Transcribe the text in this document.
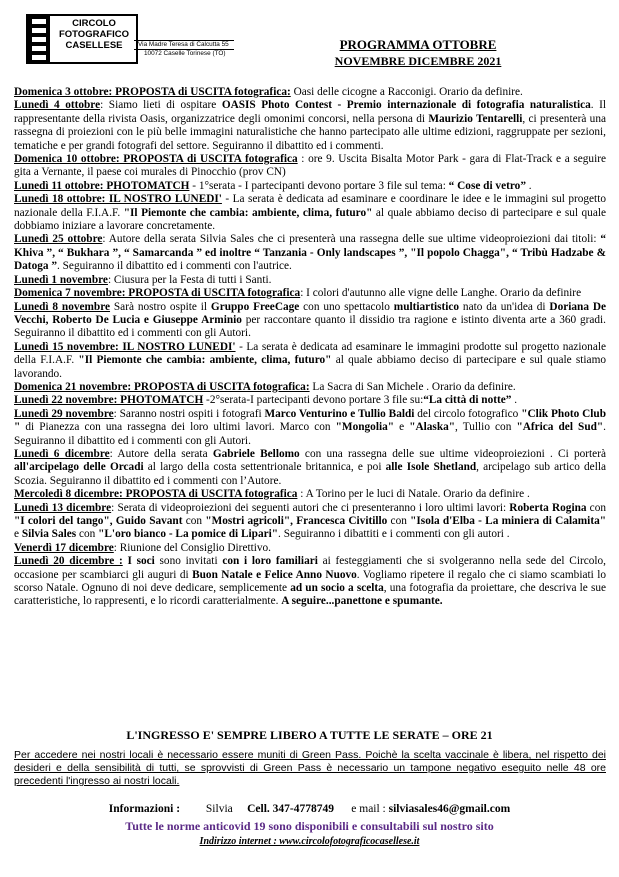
CIRCOLO
FOTOGRAFICO
CASELLESE	Via Madre Teresa di Calcutta 55
10072 Caselle Torinese (TO)
PROGRAMMA OTTOBRE
NOVEMBRE DICEMBRE 2021

Domenica 3 ottobre: PROPOSTA di USCITA fotografica: Oasi delle cicogne a Racconigi. Orario da definire.

Lunedì 4 ottobre: Siamo lieti di ospitare OASIS Photo Contest - Premio internazionale di fotografia naturalistica. Il rappresentante della rivista Oasis, organizzatrice degli omonimi concorsi, nella persona di Maurizio Tentarelli, ci presenterà una rassegna di proiezioni con le più belle immagini naturalistiche che hanno partecipato alle ultime edizioni, raggruppate per sezioni, tematiche e per grandi fotografi del settore. Seguiranno il dibattito ed i commenti.

Domenica 10 ottobre: PROPOSTA di USCITA fotografica : ore 9. Uscita Bisalta Motor Park - gara di Flat-Track e a seguire gita a Vernante, il paese coi murales di Pinocchio (prov CN)

Lunedì 11 ottobre: PHOTOMATCH - 1°serata - I partecipanti devono portare 3 file sul tema: “ Cose di vetro” .

Lunedì 18 ottobre: IL NOSTRO LUNEDI' - La serata è dedicata ad esaminare e coordinare le idee e le immagini sul progetto nazionale della F.I.A.F. "Il Piemonte che cambia: ambiente, clima, futuro" al quale abbiamo deciso di partecipare e sul quale dobbiamo iniziare a lavorare concretamente.

Lunedì 25 ottobre: Autore della serata Silvia Sales che ci presenterà una rassegna delle sue ultime videoproiezioni dai titoli: “ Khiva ”, “ Bukhara ”, “ Samarcanda ” ed inoltre “ Tanzania - Only landscapes ”, "Il popolo Chagga", “ Tribù Hadzabe & Datoga ”. Seguiranno il dibattito ed i commenti con l'autrice.

Lunedì 1 novembre: Ciusura per la Festa di tutti i Santi.

Domenica 7 novembre: PROPOSTA di USCITA fotografica: I colori d'autunno alle vigne delle Langhe. Orario da definire

Lunedì 8 novembre Sarà nostro ospite il Gruppo FreeCage con uno spettacolo multiartistico nato da un'idea di Doriana De Vecchi, Roberto De Lucia e Giuseppe Arminio per raccontare quanto il dissidio tra ragione e istinto diventa arte a 360 gradi. Seguiranno il dibattito ed i commenti con gli Autori.

Lunedì 15 novembre: IL NOSTRO LUNEDI' - La serata è dedicata ad esaminare le immagini prodotte sul progetto nazionale della F.I.A.F. "Il Piemonte che cambia: ambiente, clima, futuro" al quale abbiamo deciso di partecipare e sul quale stiamo lavorando.

Domenica 21 novembre: PROPOSTA di USCITA fotografica: La Sacra di San Michele . Orario da definire.

Lunedì 22 novembre: PHOTOMATCH -2°serata-I partecipanti devono portare 3 file su:“La città di notte” .

Lunedì 29 novembre: Saranno nostri ospiti i fotografi Marco Venturino e Tullio Baldi del circolo fotografico "Clik Photo Club " di Pianezza con una rassegna dei loro ultimi lavori. Marco con "Mongolia" e "Alaska", Tullio con "Africa del Sud". Seguiranno il dibattito ed i commenti con gli Autori.

Lunedì 6 dicembre: Autore della serata Gabriele Bellomo con una rassegna delle sue ultime videoproiezioni . Ci porterà all'arcipelago delle Orcadi al largo della costa settentrionale britannica, e poi alle Isole Shetland, arcipelago sub artico della Scozia. Seguiranno il dibattito ed i commenti con l’Autore.

Mercoledì 8 dicembre: PROPOSTA di USCITA fotografica : A Torino per le luci di Natale. Orario da definire .

Lunedì 13 dicembre: Serata di videoproiezioni dei seguenti autori che ci presenteranno i loro ultimi lavori: Roberta Rogina con "I colori del tango", Guido Savant con "Mostri agricoli", Francesca Civitillo con "Isola d'Elba - La miniera di Calamita" e Silvia Sales con "L'oro bianco - La pomice di Lipari". Seguiranno i dibattiti e i commenti con gli autori .

Venerdì 17 dicembre: Riunione del Consiglio Direttivo.

Lunedì 20 dicembre : I soci sono invitati con i loro familiari ai festeggiamenti che si svolgeranno nella sede del Circolo, occasione per scambiarci gli auguri di Buon Natale e Felice Anno Nuovo. Vogliamo ripetere il regalo che ci siamo scambiati lo scorso Natale. Ognuno di noi deve dedicare, semplicemente ad un socio a scelta, una fotografia da proiettare, che descriva le sue caratteristiche, lo rappresenti, e lo ricordi caratterialmente. A seguire...panettone e spumante.

L'INGRESSO E' SEMPRE LIBERO A TUTTE LE SERATE – ORE 21
Per accedere nei nostri locali è necessario essere muniti di Green Pass. Poichè la scelta vaccinale è libera, nel rispetto dei desideri e della sensibilità di tutti, se sprovvisti di Green Pass è necessario un tampone negativo eseguito nelle 48 ore precedenti l'ingresso ai nostri locali.
Informazioni : Silvia Cell. 347-4778749 e mail : silviasales46@gmail.com
Tutte le norme anticovid 19 sono disponibili e consultabili sul nostro sito
Indirizzo internet : www.circolofotograficocasellese.it
